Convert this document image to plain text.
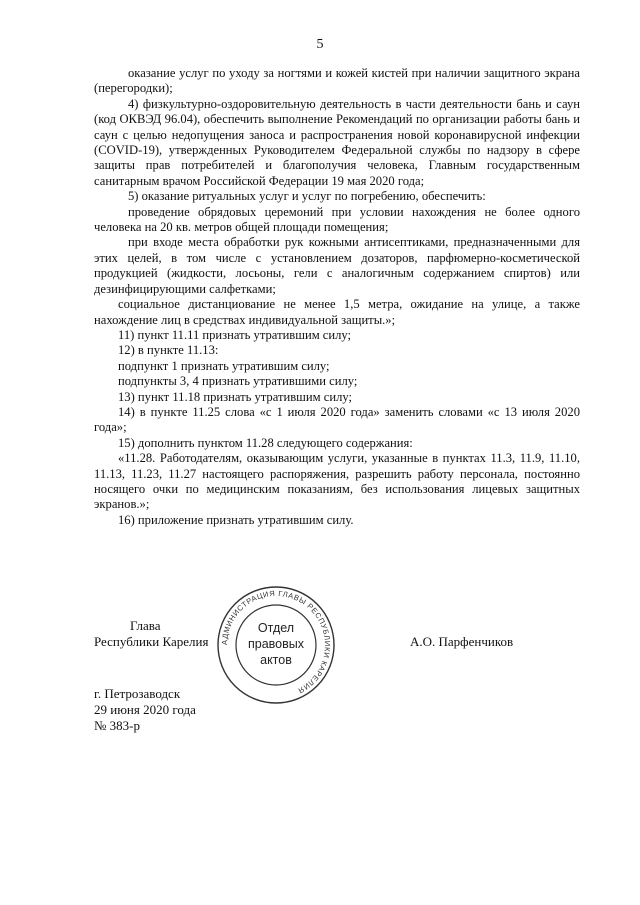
5

оказание услуг по уходу за ногтями и кожей кистей при наличии защитного экрана (перегородки);

4) физкультурно-оздоровительную деятельность в части деятельности бань и саун (код ОКВЭД 96.04), обеспечить выполнение Рекомендаций по организации работы бань и саун с целью недопущения заноса и распространения новой коронавирусной инфекции (COVID-19), утвержденных Руководителем Федеральной службы по надзору в сфере защиты прав потребителей и благополучия человека, Главным государственным санитарным врачом Российской Федерации 19 мая 2020 года;

5) оказание ритуальных услуг и услуг по погребению, обеспечить:

проведение обрядовых церемоний при условии нахождения не более одного человека на 20 кв. метров общей площади помещения;

при входе места обработки рук кожными антисептиками, предназначенными для этих целей, в том числе с установлением дозаторов, парфюмерно-косметической продукцией (жидкости, лосьоны, гели с аналогичным содержанием спиртов) или дезинфицирующими салфетками;

социальное дистанциование не менее 1,5 метра, ожидание на улице, а также нахождение лиц в средствах индивидуальной защиты.»;

11) пункт 11.11 признать утратившим силу;

12) в пункте 11.13:

подпункт 1 признать утратившим силу;

подпункты 3, 4 признать утратившими силу;

13) пункт 11.18 признать утратившим силу;

14) в пункте 11.25 слова «с 1 июля 2020 года» заменить словами «с 13 июля 2020 года»;

15) дополнить пунктом 11.28 следующего содержания:

«11.28. Работодателям, оказывающим услуги, указанные в пунктах 11.3, 11.9, 11.10, 11.13, 11.23, 11.27 настоящего распоряжения, разрешить работу персонала, постоянно носящего очки по медицинским показаниям, без использования лицевых защитных экранов.»;

16) приложение признать утратившим силу.

Глава
Республики Карелия	А.О. Парфенчиков
АДМИНИСТРАЦИЯ ГЛАВЫ РЕСПУБЛИКИ КАРЕЛИЯ
Отдел
правовых
актов
г. Петрозаводск
29 июня 2020 года
№ 383-р
